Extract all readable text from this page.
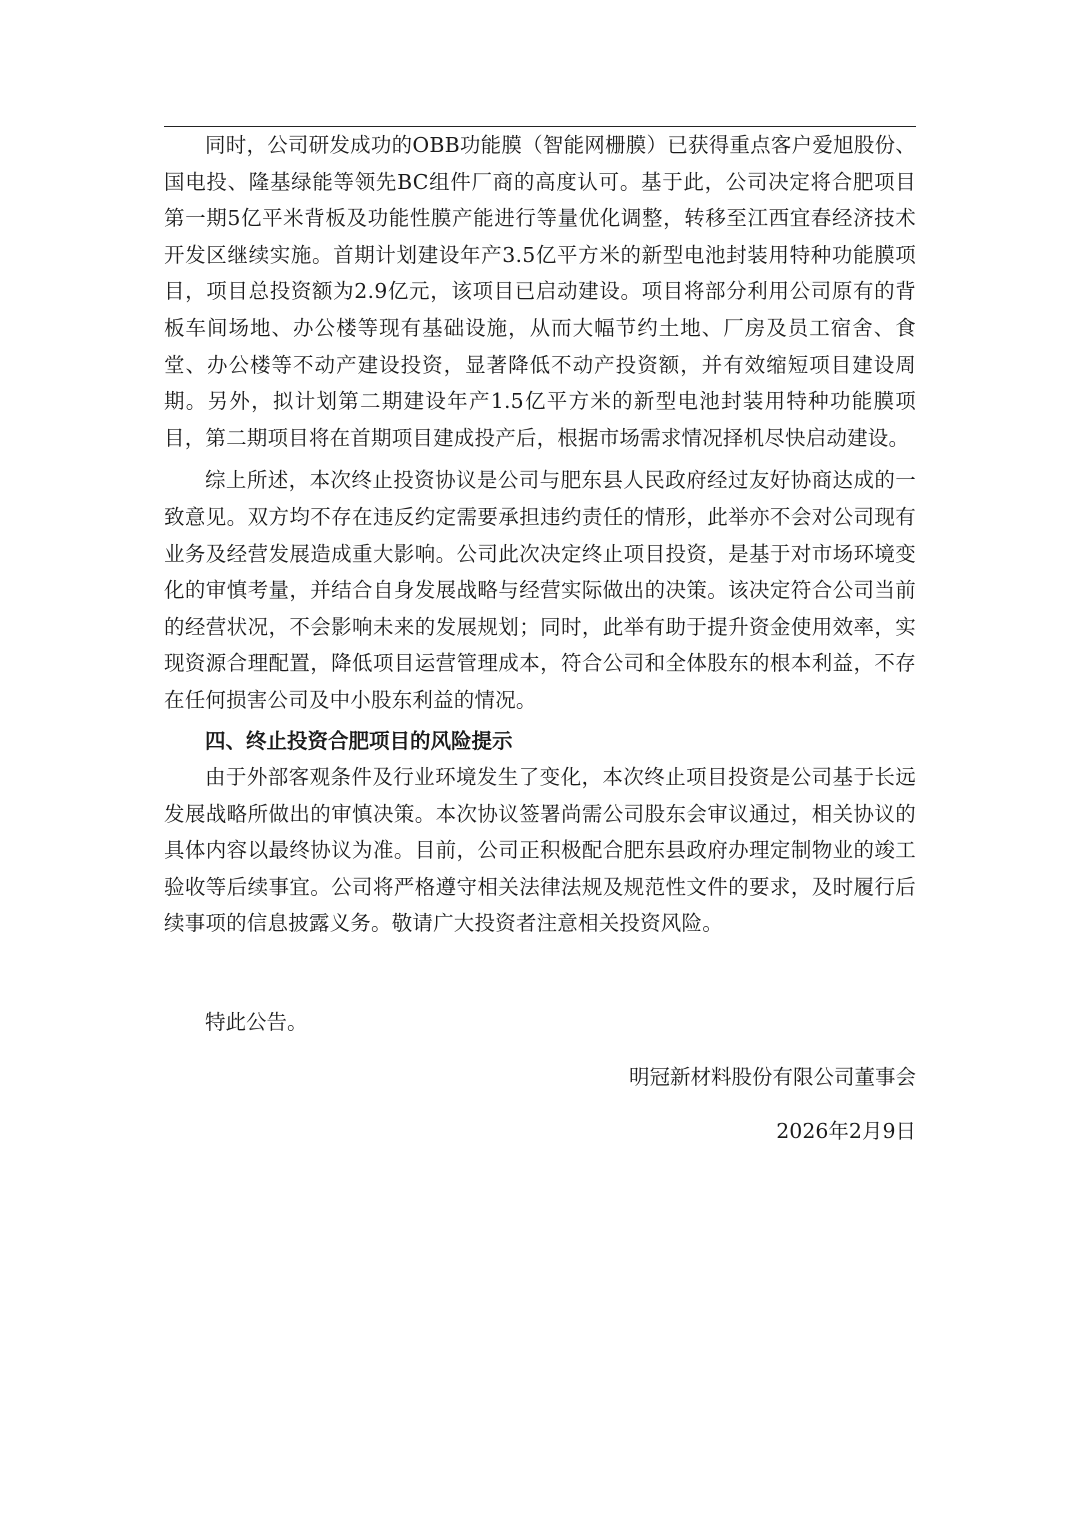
同时，公司研发成功的OBB功能膜（智能网栅膜）已获得重点客户爱旭股份、国电投、隆基绿能等领先BC组件厂商的高度认可。基于此，公司决定将合肥项目第一期5亿平米背板及功能性膜产能进行等量优化调整，转移至江西宜春经济技术开发区继续实施。首期计划建设年产3.5亿平方米的新型电池封装用特种功能膜项目，项目总投资额为2.9亿元，该项目已启动建设。项目将部分利用公司原有的背板车间场地、办公楼等现有基础设施，从而大幅节约土地、厂房及员工宿舍、食堂、办公楼等不动产建设投资，显著降低不动产投资额，并有效缩短项目建设周期。另外，拟计划第二期建设年产1.5亿平方米的新型电池封装用特种功能膜项目，第二期项目将在首期项目建成投产后，根据市场需求情况择机尽快启动建设。

综上所述，本次终止投资协议是公司与肥东县人民政府经过友好协商达成的一致意见。双方均不存在违反约定需要承担违约责任的情形，此举亦不会对公司现有业务及经营发展造成重大影响。公司此次决定终止项目投资，是基于对市场环境变化的审慎考量，并结合自身发展战略与经营实际做出的决策。该决定符合公司当前的经营状况，不会影响未来的发展规划；同时，此举有助于提升资金使用效率，实现资源合理配置，降低项目运营管理成本，符合公司和全体股东的根本利益，不存在任何损害公司及中小股东利益的情况。

四、终止投资合肥项目的风险提示

由于外部客观条件及行业环境发生了变化，本次终止项目投资是公司基于长远发展战略所做出的审慎决策。本次协议签署尚需公司股东会审议通过，相关协议的具体内容以最终协议为准。目前，公司正积极配合肥东县政府办理定制物业的竣工验收等后续事宜。公司将严格遵守相关法律法规及规范性文件的要求，及时履行后续事项的信息披露义务。敬请广大投资者注意相关投资风险。

特此公告。

明冠新材料股份有限公司董事会

2026年2月9日
